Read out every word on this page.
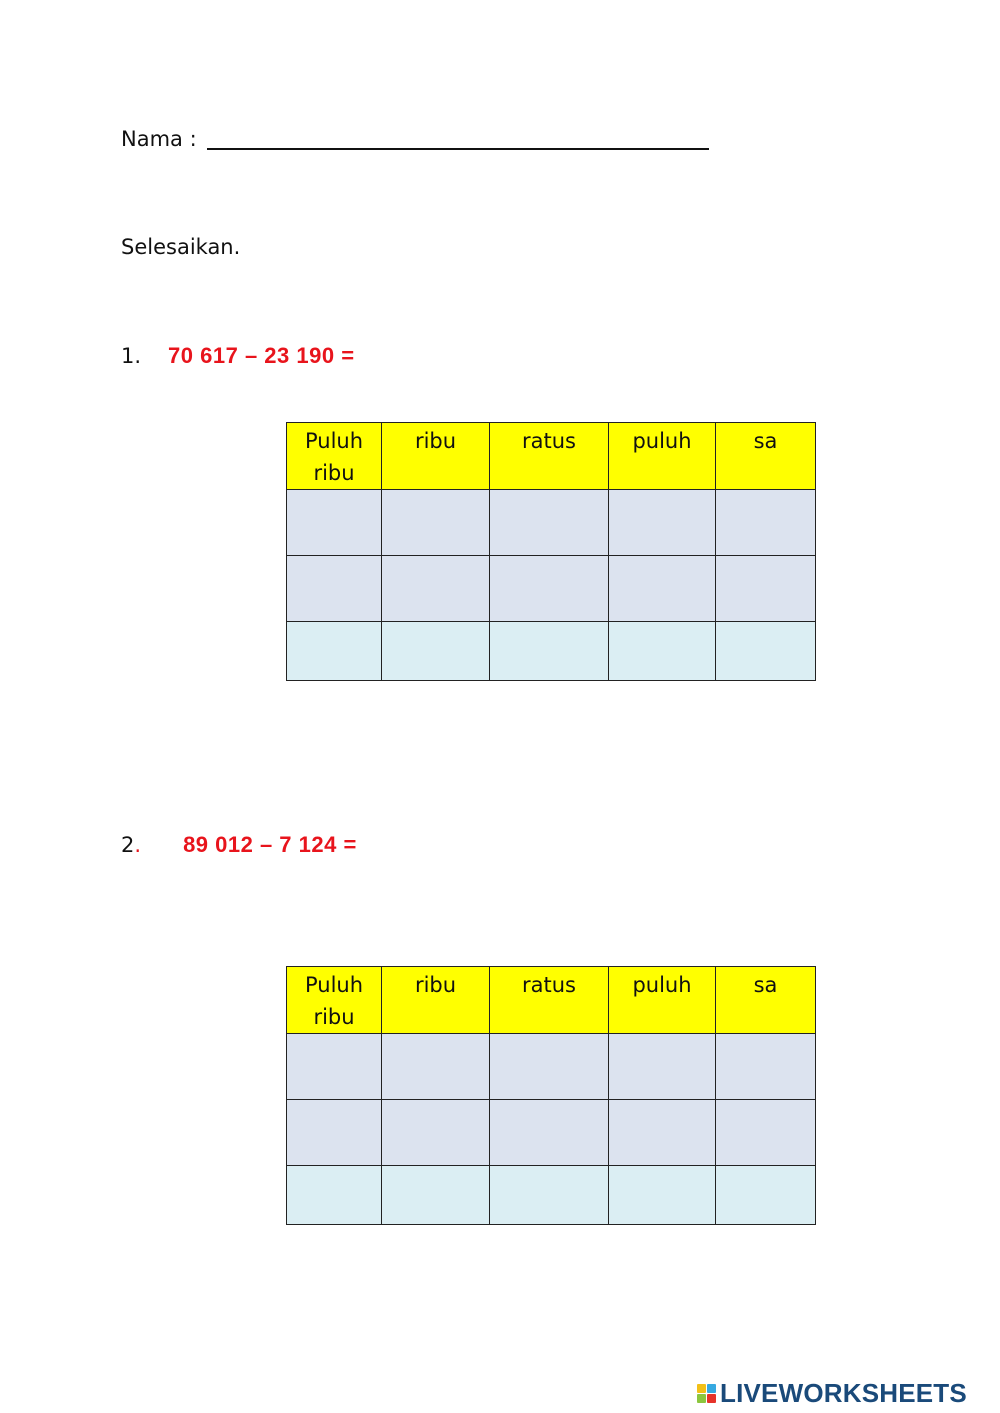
Nama :
Selesaikan.
1. 70 617 – 23 190 =
Puluh ribu	ribu	ratus	puluh	sa

2. 89 012 – 7 124 =
Puluh ribu	ribu	ratus	puluh	sa

LIVEWORKSHEETS
